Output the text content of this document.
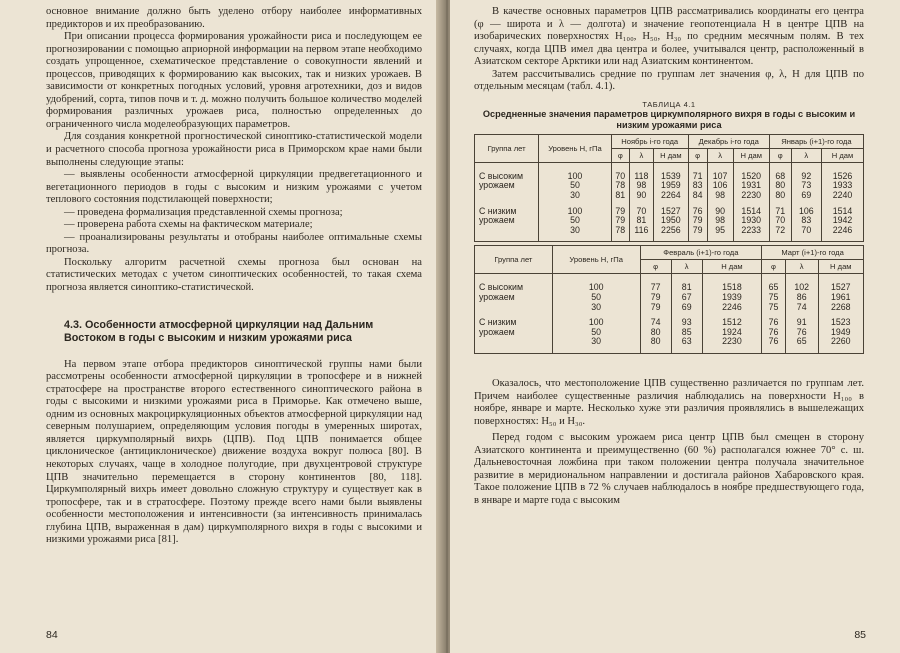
основное внимание должно быть уделено отбору наиболее информативных предикторов и их преобразованию.

При описании процесса формирования урожайности риса и последующем ее прогнозировании с помощью априорной информации на первом этапе необходимо создать упрощенное, схематическое представление о совокупности явлений и процессов, приводящих к формированию как высоких, так и низких урожаев. В зависимости от конкретных погодных условий, уровня агротехники, доз и видов удобрений, сорта, типов почв и т. д. можно получить большое количество моделей формирования различных урожаев риса, полностью определенных до ограниченного числа моделеобразующих параметров.

Для создания конкретной прогностической синоптико-статистической модели и расчетного способа прогноза урожайности риса в Приморском крае нами были выполнены следующие этапы:

— выявлены особенности атмосферной циркуляции предвегетационного и вегетационного периодов в годы с высоким и низким урожаями с учетом теплового состояния подстилающей поверхности;

— проведена формализация представленной схемы прогноза;

— проверена работа схемы на фактическом материале;

— проанализированы результаты и отобраны наиболее оптимальные схемы прогноза.

Поскольку алгоритм расчетной схемы прогноза был основан на статистических методах с учетом синоптических особенностей, то такая схема прогноза является синоптико-статистической.

4.3. Особенности атмосферной циркуляции над Дальним Востоком в годы с высоким и низким урожаями риса

На первом этапе отбора предикторов синоптической группы нами были рассмотрены особенности атмосферной циркуляции в тропосфере и в нижней стратосфере на пространстве второго естественного синоптического района в годы с высокими и низкими урожаями риса в Приморье. Как отмечено выше, одним из основных макроциркуляционных объектов атмосферной циркуляции над северным полушарием, определяющим условия погоды в умеренных широтах, является циркумполярный вихрь (ЦПВ). Под ЦПВ понимается общее циклоническое (антициклоническое) движение воздуха вокруг полюса [80]. В некоторых случаях, чаще в холодное полугодие, при двухцентровой структуре ЦПВ значительно перемещается в сторону континентов [80, 118]. Циркумполярный вихрь имеет довольно сложную структуру и существует как в тропосфере, так и в стратосфере. Поэтому прежде всего нами были выявлены особенности местоположения и интенсивности (за интенсивность принималась глубина ЦПВ, выраженная в дам) циркумполярного вихря в годы с высокими и низкими урожаями риса [81].

84

В качестве основных параметров ЦПВ рассматривались координаты его центра (φ — широта и λ — долгота) и значение геопотенциала H в центре ЦПВ на изобарических поверхностях H₁₀₀, H₅₀, H₃₀ по средним месячным полям. В тех случаях, когда ЦПВ имел два центра и более, учитывался центр, расположенный в Азиатском секторе Арктики или над Азиатским континентом.

Затем рассчитывались средние по группам лет значения φ, λ, H для ЦПВ по отдельным месяцам (табл. 4.1).

ТАБЛИЦА 4.1
Осредненные значения параметров циркумполярного вихря в годы с высоким и низким урожаями риса
Группа лет	Уровень H, гПа	Ноябрь i-го года			Декабрь i-го года			Январь (i+1)-го года		
		φ	λ	H дам	φ	λ	H дам	φ	λ	H дам
С высоким	100	70	118	1539	71	107	1520	68	92	1526
урожаем	50	78	98	1959	83	106	1931	80	73	1933
	30	81	90	2264	84	98	2230	80	69	2240
С низким	100	79	70	1527	76	90	1514	71	106	1514
урожаем	50	79	81	1950	79	98	1930	70	83	1942
	30	78	116	2256	79	95	2233	72	70	2246
Группа лет	Уровень H, гПа	Февраль (i+1)-го года			Март (i+1)-го года		
		φ	λ	H дам	φ	λ	H дам
С высоким	100	77	81	1518	65	102	1527
урожаем	50	79	67	1939	75	86	1961
	30	79	69	2246	75	74	2268
С низким	100	74	93	1512	76	91	1523
урожаем	50	80	85	1924	76	76	1949
	30	80	63	2230	76	65	2260

Оказалось, что местоположение ЦПВ существенно различается по группам лет. Причем наиболее существенные различия наблюдались на поверхности H₁₀₀ в ноябре, январе и марте. Несколько хуже эти различия проявлялись в вышележащих поверхностях: H₅₀ и H₃₀.

Перед годом с высоким урожаем риса центр ЦПВ был смещен в сторону Азиатского континента и преимущественно (60 %) располагался южнее 70° с. ш. Дальневосточная ложбина при таком положении центра получала значительное развитие в меридиональном направлении и достигала районов Хабаровского края. Такое положение ЦПВ в 72 % случаев наблюдалось в ноябре предшествующего года, в январе и марте года с высоким

85
